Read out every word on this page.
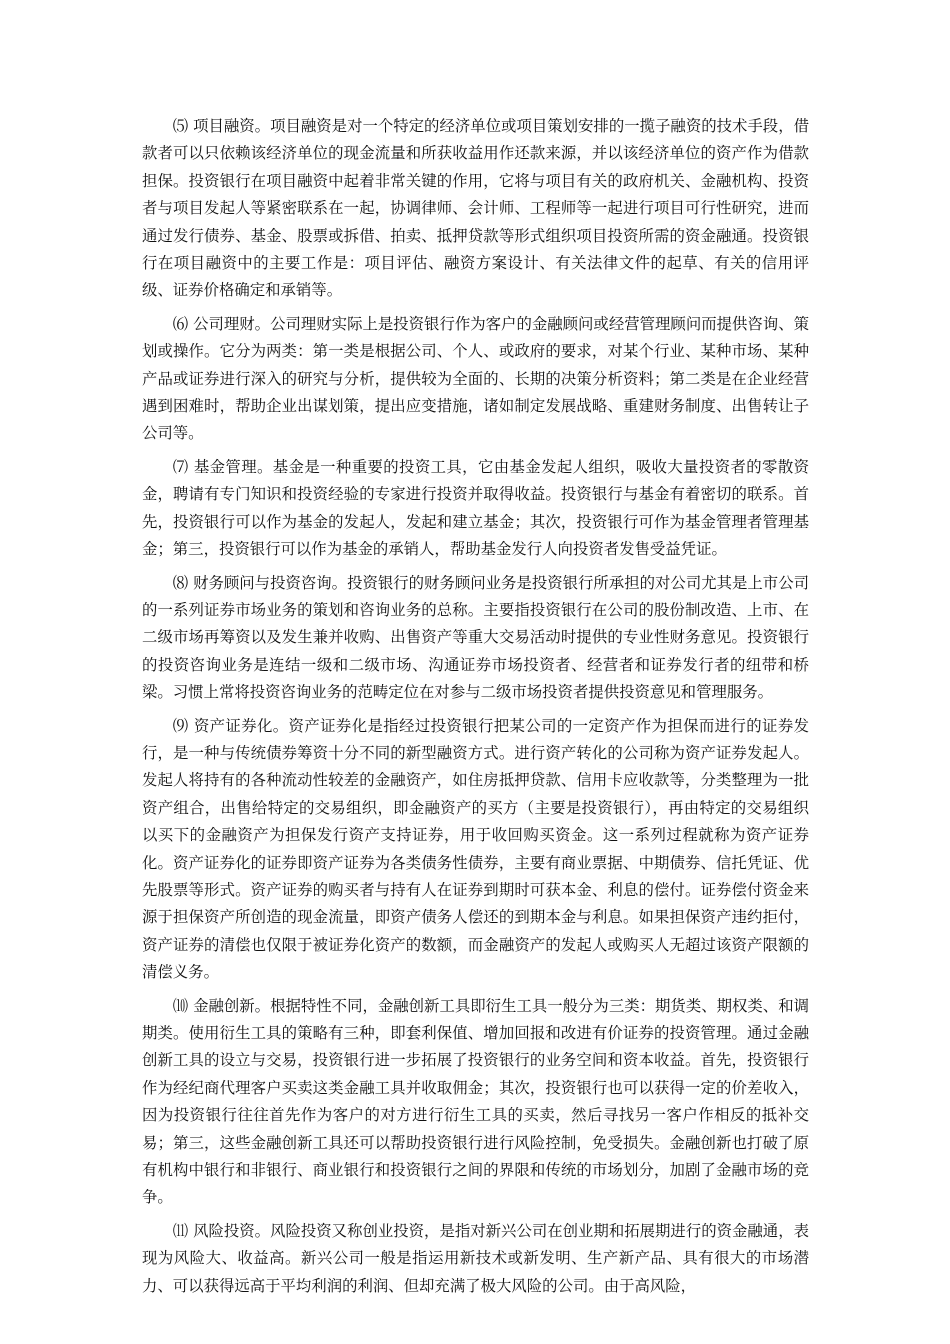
⑸ 项目融资。项目融资是对一个特定的经济单位或项目策划安排的一揽子融资的技术手段，借款者可以只依赖该经济单位的现金流量和所获收益用作还款来源，并以该经济单位的资产作为借款担保。投资银行在项目融资中起着非常关键的作用，它将与项目有关的政府机关、金融机构、投资者与项目发起人等紧密联系在一起，协调律师、会计师、工程师等一起进行项目可行性研究，进而通过发行债券、基金、股票或拆借、拍卖、抵押贷款等形式组织项目投资所需的资金融通。投资银行在项目融资中的主要工作是：项目评估、融资方案设计、有关法律文件的起草、有关的信用评级、证券价格确定和承销等。

⑹ 公司理财。公司理财实际上是投资银行作为客户的金融顾问或经营管理顾问而提供咨询、策划或操作。它分为两类：第一类是根据公司、个人、或政府的要求，对某个行业、某种市场、某种产品或证券进行深入的研究与分析，提供较为全面的、长期的决策分析资料；第二类是在企业经营遇到困难时，帮助企业出谋划策，提出应变措施，诸如制定发展战略、重建财务制度、出售转让子公司等。

⑺ 基金管理。基金是一种重要的投资工具，它由基金发起人组织，吸收大量投资者的零散资金，聘请有专门知识和投资经验的专家进行投资并取得收益。投资银行与基金有着密切的联系。首先，投资银行可以作为基金的发起人，发起和建立基金；其次，投资银行可作为基金管理者管理基金；第三，投资银行可以作为基金的承销人，帮助基金发行人向投资者发售受益凭证。

⑻ 财务顾问与投资咨询。投资银行的财务顾问业务是投资银行所承担的对公司尤其是上市公司的一系列证券市场业务的策划和咨询业务的总称。主要指投资银行在公司的股份制改造、上市、在二级市场再筹资以及发生兼并收购、出售资产等重大交易活动时提供的专业性财务意见。投资银行的投资咨询业务是连结一级和二级市场、沟通证券市场投资者、经营者和证券发行者的纽带和桥梁。习惯上常将投资咨询业务的范畴定位在对参与二级市场投资者提供投资意见和管理服务。

⑼ 资产证券化。资产证券化是指经过投资银行把某公司的一定资产作为担保而进行的证券发行，是一种与传统债券筹资十分不同的新型融资方式。进行资产转化的公司称为资产证券发起人。发起人将持有的各种流动性较差的金融资产，如住房抵押贷款、信用卡应收款等，分类整理为一批资产组合，出售给特定的交易组织，即金融资产的买方（主要是投资银行），再由特定的交易组织以买下的金融资产为担保发行资产支持证券，用于收回购买资金。这一系列过程就称为资产证券化。资产证券化的证券即资产证券为各类债务性债券，主要有商业票据、中期债券、信托凭证、优先股票等形式。资产证券的购买者与持有人在证券到期时可获本金、利息的偿付。证券偿付资金来源于担保资产所创造的现金流量，即资产债务人偿还的到期本金与利息。如果担保资产违约拒付，资产证券的清偿也仅限于被证券化资产的数额，而金融资产的发起人或购买人无超过该资产限额的清偿义务。

⑽ 金融创新。根据特性不同，金融创新工具即衍生工具一般分为三类：期货类、期权类、和调期类。使用衍生工具的策略有三种，即套利保值、增加回报和改进有价证券的投资管理。通过金融创新工具的设立与交易，投资银行进一步拓展了投资银行的业务空间和资本收益。首先，投资银行作为经纪商代理客户买卖这类金融工具并收取佣金；其次，投资银行也可以获得一定的价差收入，因为投资银行往往首先作为客户的对方进行衍生工具的买卖，然后寻找另一客户作相反的抵补交易；第三，这些金融创新工具还可以帮助投资银行进行风险控制，免受损失。金融创新也打破了原有机构中银行和非银行、商业银行和投资银行之间的界限和传统的市场划分，加剧了金融市场的竞争。

⑾ 风险投资。风险投资又称创业投资，是指对新兴公司在创业期和拓展期进行的资金融通，表现为风险大、收益高。新兴公司一般是指运用新技术或新发明、生产新产品、具有很大的市场潜力、可以获得远高于平均利润的利润、但却充满了极大风险的公司。由于高风险，
